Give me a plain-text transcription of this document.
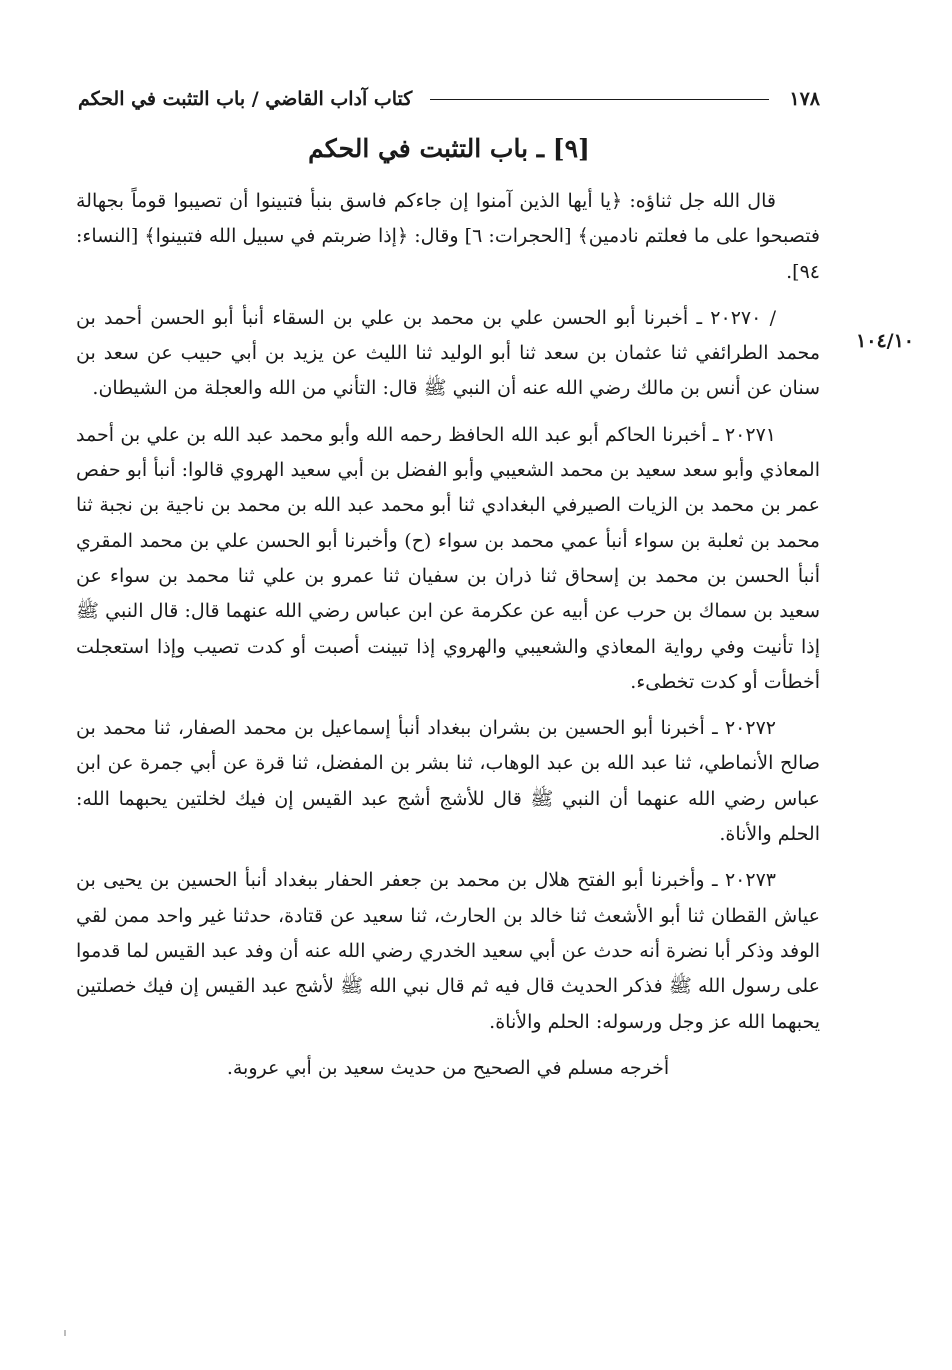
١٧٨
كتاب آداب القاضي / باب التثبت في الحكم
[٩] ـ باب التثبت في الحكم
١٠٤/١٠

قال الله جل ثناؤه: ﴿يا أيها الذين آمنوا إن جاءكم فاسق بنبأ فتبينوا أن تصيبوا قوماً بجهالة فتصبحوا على ما فعلتم نادمين﴾ [الحجرات: ٦] وقال: ﴿إذا ضربتم في سبيل الله فتبينوا﴾ [النساء: ٩٤].

/ ٢٠٢٧٠ ـ أخبرنا أبو الحسن علي بن محمد بن علي بن السقاء أنبأ أبو الحسن أحمد بن محمد الطرائفي ثنا عثمان بن سعد ثنا أبو الوليد ثنا الليث عن يزيد بن أبي حبيب عن سعد بن سنان عن أنس بن مالك رضي الله عنه أن النبي ﷺ قال: التأني من الله والعجلة من الشيطان.

٢٠٢٧١ ـ أخبرنا الحاكم أبو عبد الله الحافظ رحمه الله وأبو محمد عبد الله بن علي بن أحمد المعاذي وأبو سعد سعيد بن محمد الشعيبي وأبو الفضل بن أبي سعيد الهروي قالوا: أنبأ أبو حفص عمر بن محمد بن الزيات الصيرفي البغدادي ثنا أبو محمد عبد الله بن محمد بن ناجية بن نجبة ثنا محمد بن ثعلبة بن سواء أنبأ عمي محمد بن سواء (ح) وأخبرنا أبو الحسن علي بن محمد المقري أنبأ الحسن بن محمد بن إسحاق ثنا ذران بن سفيان ثنا عمرو بن علي ثنا محمد بن سواء عن سعيد بن سماك بن حرب عن أبيه عن عكرمة عن ابن عباس رضي الله عنهما قال: قال النبي ﷺ إذا تأنيت وفي رواية المعاذي والشعيبي والهروي إذا تبينت أصبت أو كدت تصيب وإذا استعجلت أخطأت أو كدت تخطىء.

٢٠٢٧٢ ـ أخبرنا أبو الحسين بن بشران ببغداد أنبأ إسماعيل بن محمد الصفار، ثنا محمد بن صالح الأنماطي، ثنا عبد الله بن عبد الوهاب، ثنا بشر بن المفضل، ثنا قرة عن أبي جمرة عن ابن عباس رضي الله عنهما أن النبي ﷺ قال للأشج أشج عبد القيس إن فيك لخلتين يحبهما الله: الحلم والأناة.

٢٠٢٧٣ ـ وأخبرنا أبو الفتح هلال بن محمد بن جعفر الحفار ببغداد أنبأ الحسين بن يحيى بن عياش القطان ثنا أبو الأشعث ثنا خالد بن الحارث، ثنا سعيد عن قتادة، حدثنا غير واحد ممن لقي الوفد وذكر أبا نضرة أنه حدث عن أبي سعيد الخدري رضي الله عنه أن وفد عبد القيس لما قدموا على رسول الله ﷺ فذكر الحديث قال فيه ثم قال نبي الله ﷺ لأشج عبد القيس إن فيك خصلتين يحبهما الله عز وجل ورسوله: الحلم والأناة.

أخرجه مسلم في الصحيح من حديث سعيد بن أبي عروبة.
